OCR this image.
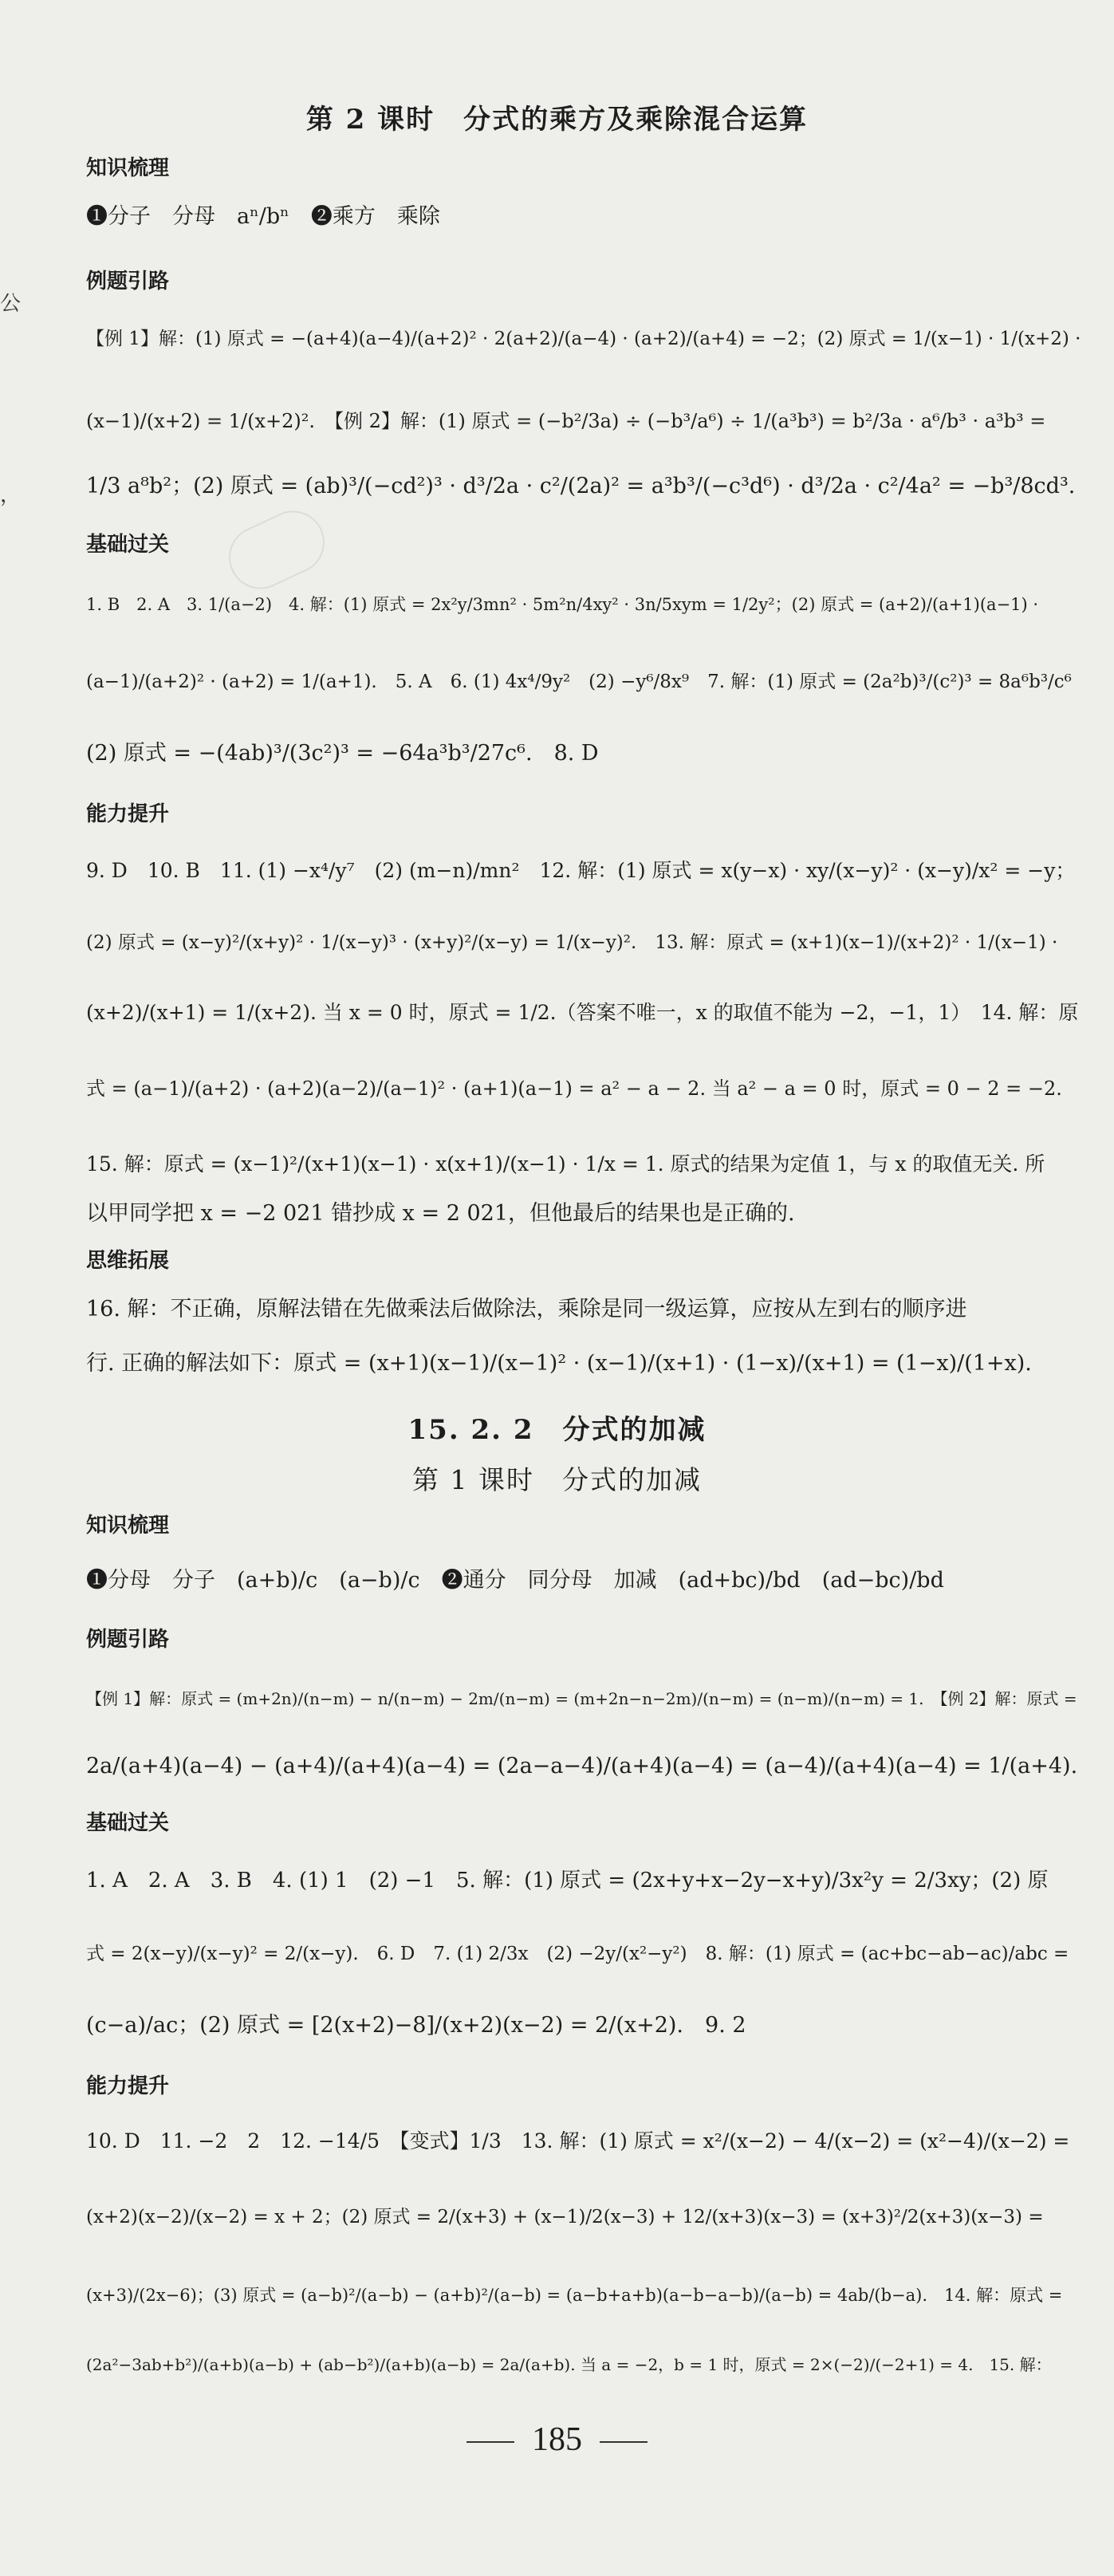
公
，
第 2 课时　分式的乘方及乘除混合运算
知识梳理
❶分子　分母　aⁿ/bⁿ　❷乘方　乘除
例题引路
【例 1】解：(1) 原式 = −(a+4)(a−4)/(a+2)² · 2(a+2)/(a−4) · (a+2)/(a+4) = −2；(2) 原式 = 1/(x−1) · 1/(x+2) ·
(x−1)/(x+2) = 1/(x+2)².　【例 2】解：(1) 原式 = (−b²/3a) ÷ (−b³/a⁶) ÷ 1/(a³b³) = b²/3a · a⁶/b³ · a³b³ =
1/3 a⁸b²；(2) 原式 = (ab)³/(−cd²)³ · d³/2a · c²/(2a)² = a³b³/(−c³d⁶) · d³/2a · c²/4a² = −b³/8cd³.
基础过关
1. B　2. A　3. 1/(a−2)　4. 解：(1) 原式 = 2x²y/3mn² · 5m²n/4xy² · 3n/5xym = 1/2y²；(2) 原式 = (a+2)/(a+1)(a−1) ·
(a−1)/(a+2)² · (a+2) = 1/(a+1).　5. A　6. (1) 4x⁴/9y²　(2) −y⁶/8x⁹　7. 解：(1) 原式 = (2a²b)³/(c²)³ = 8a⁶b³/c⁶
(2) 原式 = −(4ab)³/(3c²)³ = −64a³b³/27c⁶.　8. D
能力提升
9. D　10. B　11. (1) −x⁴/y⁷　(2) (m−n)/mn²　12. 解：(1) 原式 = x(y−x) · xy/(x−y)² · (x−y)/x² = −y；
(2) 原式 = (x−y)²/(x+y)² · 1/(x−y)³ · (x+y)²/(x−y) = 1/(x−y)².　13. 解：原式 = (x+1)(x−1)/(x+2)² · 1/(x−1) ·
(x+2)/(x+1) = 1/(x+2). 当 x = 0 时，原式 = 1/2.（答案不唯一，x 的取值不能为 −2，−1，1）　14. 解：原
式 = (a−1)/(a+2) · (a+2)(a−2)/(a−1)² · (a+1)(a−1) = a² − a − 2. 当 a² − a = 0 时，原式 = 0 − 2 = −2.
15. 解：原式 = (x−1)²/(x+1)(x−1) · x(x+1)/(x−1) · 1/x = 1. 原式的结果为定值 1，与 x 的取值无关. 所
以甲同学把 x = −2 021 错抄成 x = 2 021，但他最后的结果也是正确的.
思维拓展
16. 解：不正确，原解法错在先做乘法后做除法，乘除是同一级运算，应按从左到右的顺序进
行. 正确的解法如下：原式 = (x+1)(x−1)/(x−1)² · (x−1)/(x+1) · (1−x)/(x+1) = (1−x)/(1+x).
15. 2. 2　分式的加减
第 1 课时　分式的加减
知识梳理
❶分母　分子　(a+b)/c　(a−b)/c　❷通分　同分母　加减　(ad+bc)/bd　(ad−bc)/bd
例题引路
【例 1】解：原式 = (m+2n)/(n−m) − n/(n−m) − 2m/(n−m) = (m+2n−n−2m)/(n−m) = (n−m)/(n−m) = 1.　【例 2】解：原式 =
2a/(a+4)(a−4) − (a+4)/(a+4)(a−4) = (2a−a−4)/(a+4)(a−4) = (a−4)/(a+4)(a−4) = 1/(a+4).
基础过关
1. A　2. A　3. B　4. (1) 1　(2) −1　5. 解：(1) 原式 = (2x+y+x−2y−x+y)/3x²y = 2/3xy；(2) 原
式 = 2(x−y)/(x−y)² = 2/(x−y).　6. D　7. (1) 2/3x　(2) −2y/(x²−y²)　8. 解：(1) 原式 = (ac+bc−ab−ac)/abc =
(c−a)/ac；(2) 原式 = [2(x+2)−8]/(x+2)(x−2) = 2/(x+2).　9. 2
能力提升
10. D　11. −2　2　12. −14/5　【变式】1/3　13. 解：(1) 原式 = x²/(x−2) − 4/(x−2) = (x²−4)/(x−2) =
(x+2)(x−2)/(x−2) = x + 2；(2) 原式 = 2/(x+3) + (x−1)/2(x−3) + 12/(x+3)(x−3) = (x+3)²/2(x+3)(x−3) =
(x+3)/(2x−6)；(3) 原式 = (a−b)²/(a−b) − (a+b)²/(a−b) = (a−b+a+b)(a−b−a−b)/(a−b) = 4ab/(b−a).　14. 解：原式 =
(2a²−3ab+b²)/(a+b)(a−b) + (ab−b²)/(a+b)(a−b) = 2a/(a+b). 当 a = −2，b = 1 时，原式 = 2×(−2)/(−2+1) = 4.　15. 解：
185
